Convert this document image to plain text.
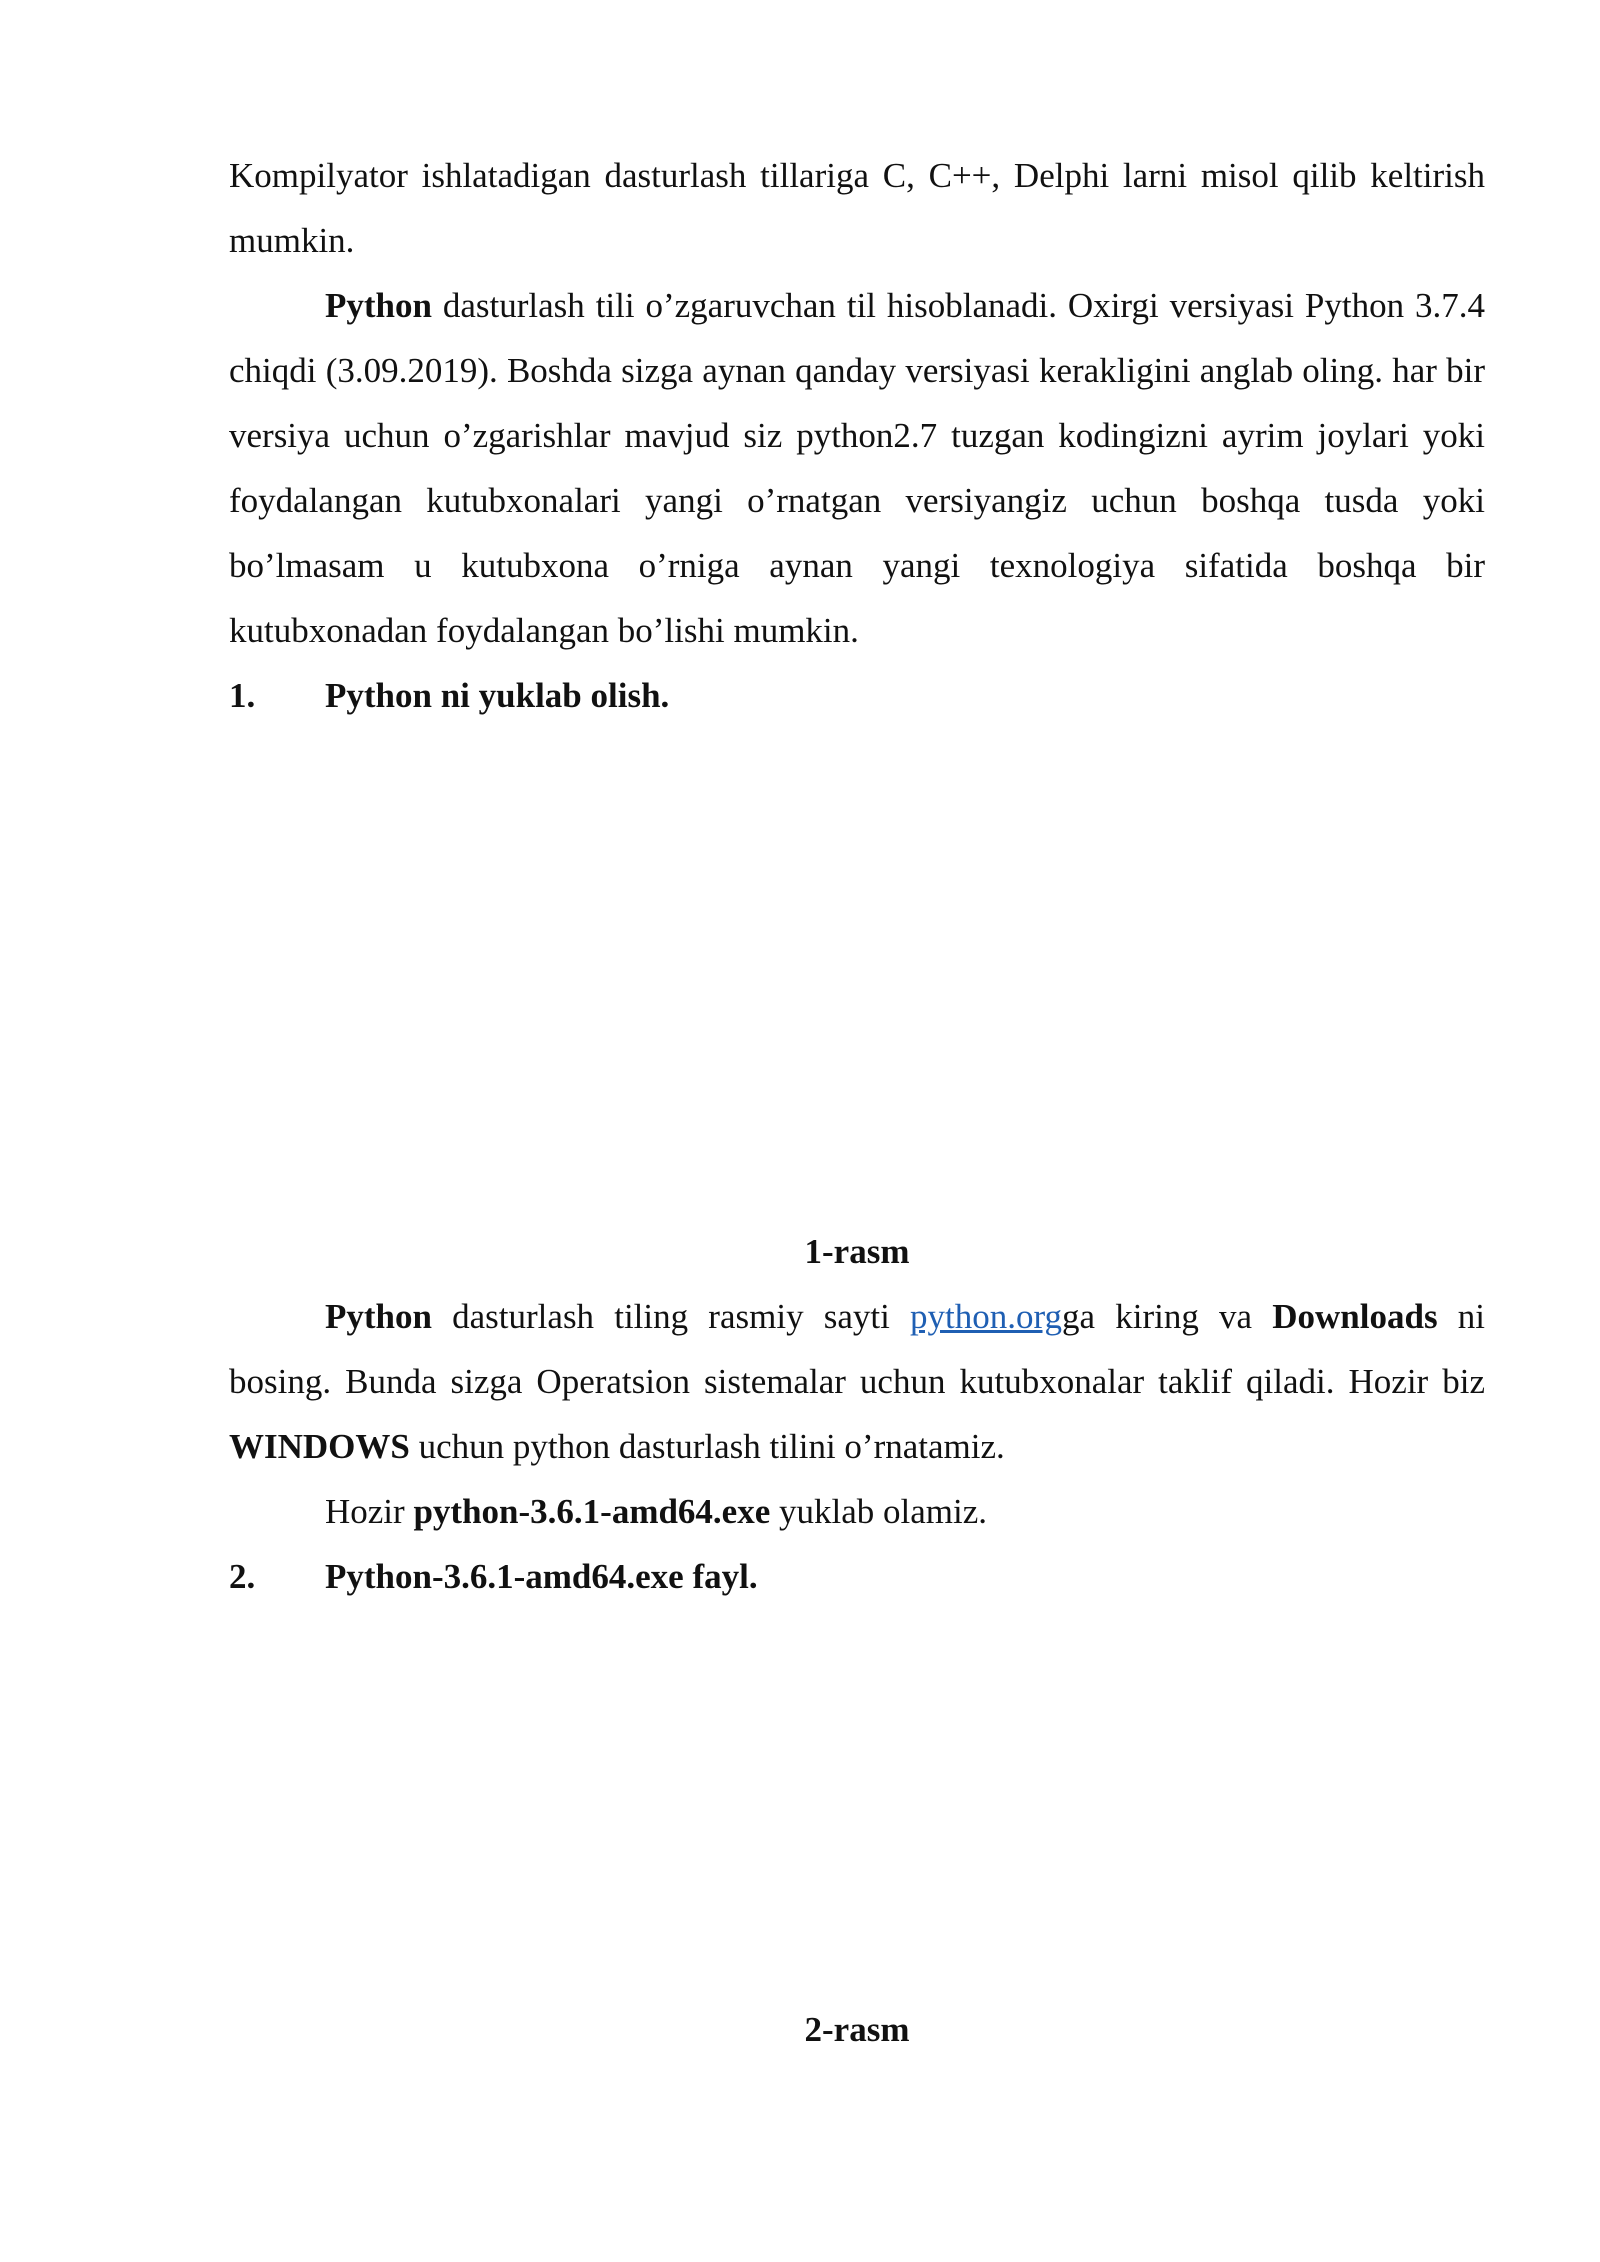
Kompilyator ishlatadigan dasturlash tillariga C, C++, Delphi larni misol qilib keltirish mumkin.

Python dasturlash tili o’zgaruvchan til hisoblanadi. Oxirgi versiyasi Python 3.7.4 chiqdi (3.09.2019). Boshda sizga aynan qanday versiyasi kerakligini anglab oling. har bir versiya uchun o’zgarishlar mavjud siz python2.7 tuzgan kodingizni ayrim joylari yoki foydalangan kutubxonalari yangi o’rnatgan versiyangiz uchun boshqa tusda yoki bo’lmasam u kutubxona o’rniga aynan yangi texnologiya sifatida boshqa bir kutubxonadan foydalangan bo’lishi mumkin.

1.	Python ni yuklab olish.

1-rasm

Python dasturlash tiling rasmiy sayti python.orgga kiring va Downloads ni bosing. Bunda sizga Operatsion sistemalar uchun kutubxonalar taklif qiladi. Hozir biz WINDOWS uchun python dasturlash tilini o’rnatamiz.

Hozir python-3.6.1-amd64.exe yuklab olamiz.

2.	Python-3.6.1-amd64.exe fayl.

2-rasm
